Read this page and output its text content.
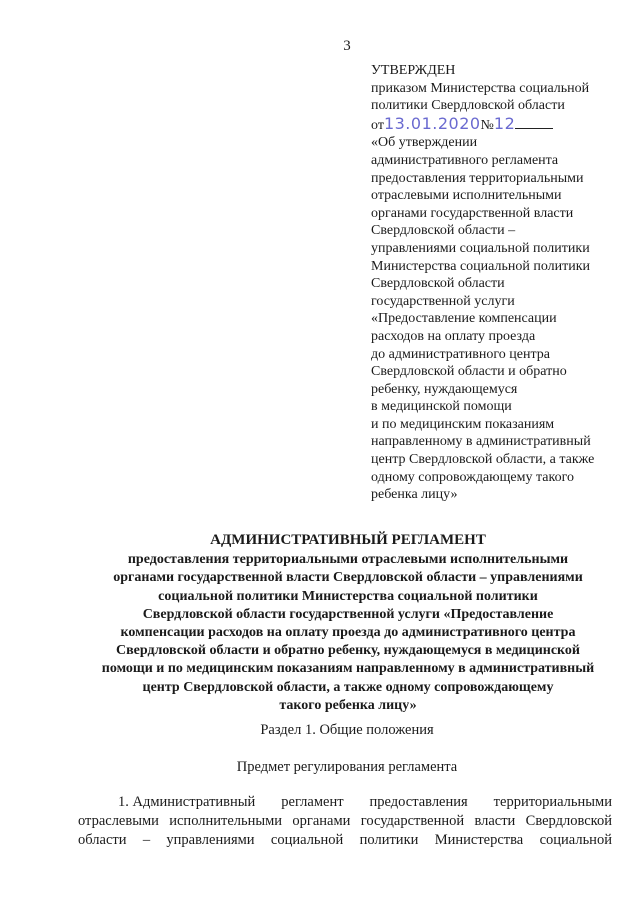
3
УТВЕРЖДЕН
приказом Министерства социальной
политики Свердловской области
от13.01.2020№12
«Об утверждении
административного регламента
предоставления территориальными
отраслевыми исполнительными
органами государственной власти
Свердловской области –
управлениями социальной политики
Министерства социальной политики
Свердловской области
государственной услуги
«Предоставление компенсации
расходов на оплату проезда
до административного центра
Свердловской области и обратно
ребенку, нуждающемуся
в медицинской помощи
и по медицинским показаниям
направленному в административный
центр Свердловской области, а также
одному сопровождающему такого
ребенка лицу»
АДМИНИСТРАТИВНЫЙ РЕГЛАМЕНТ
предоставления территориальными отраслевыми исполнительными
органами государственной власти Свердловской области – управлениями
социальной политики Министерства социальной политики
Свердловской области государственной услуги «Предоставление
компенсации расходов на оплату проезда до административного центра
Свердловской области и обратно ребенку, нуждающемуся в медицинской
помощи и по медицинским показаниям направленному в административный
центр Свердловской области, а также одному сопровождающему
такого ребенка лицу»
Раздел 1. Общие положения
Предмет регулирования регламента
1. Административный регламент предоставления территориальными
отраслевыми исполнительными органами государственной власти Свердловской
области – управлениями социальной политики Министерства социальной
